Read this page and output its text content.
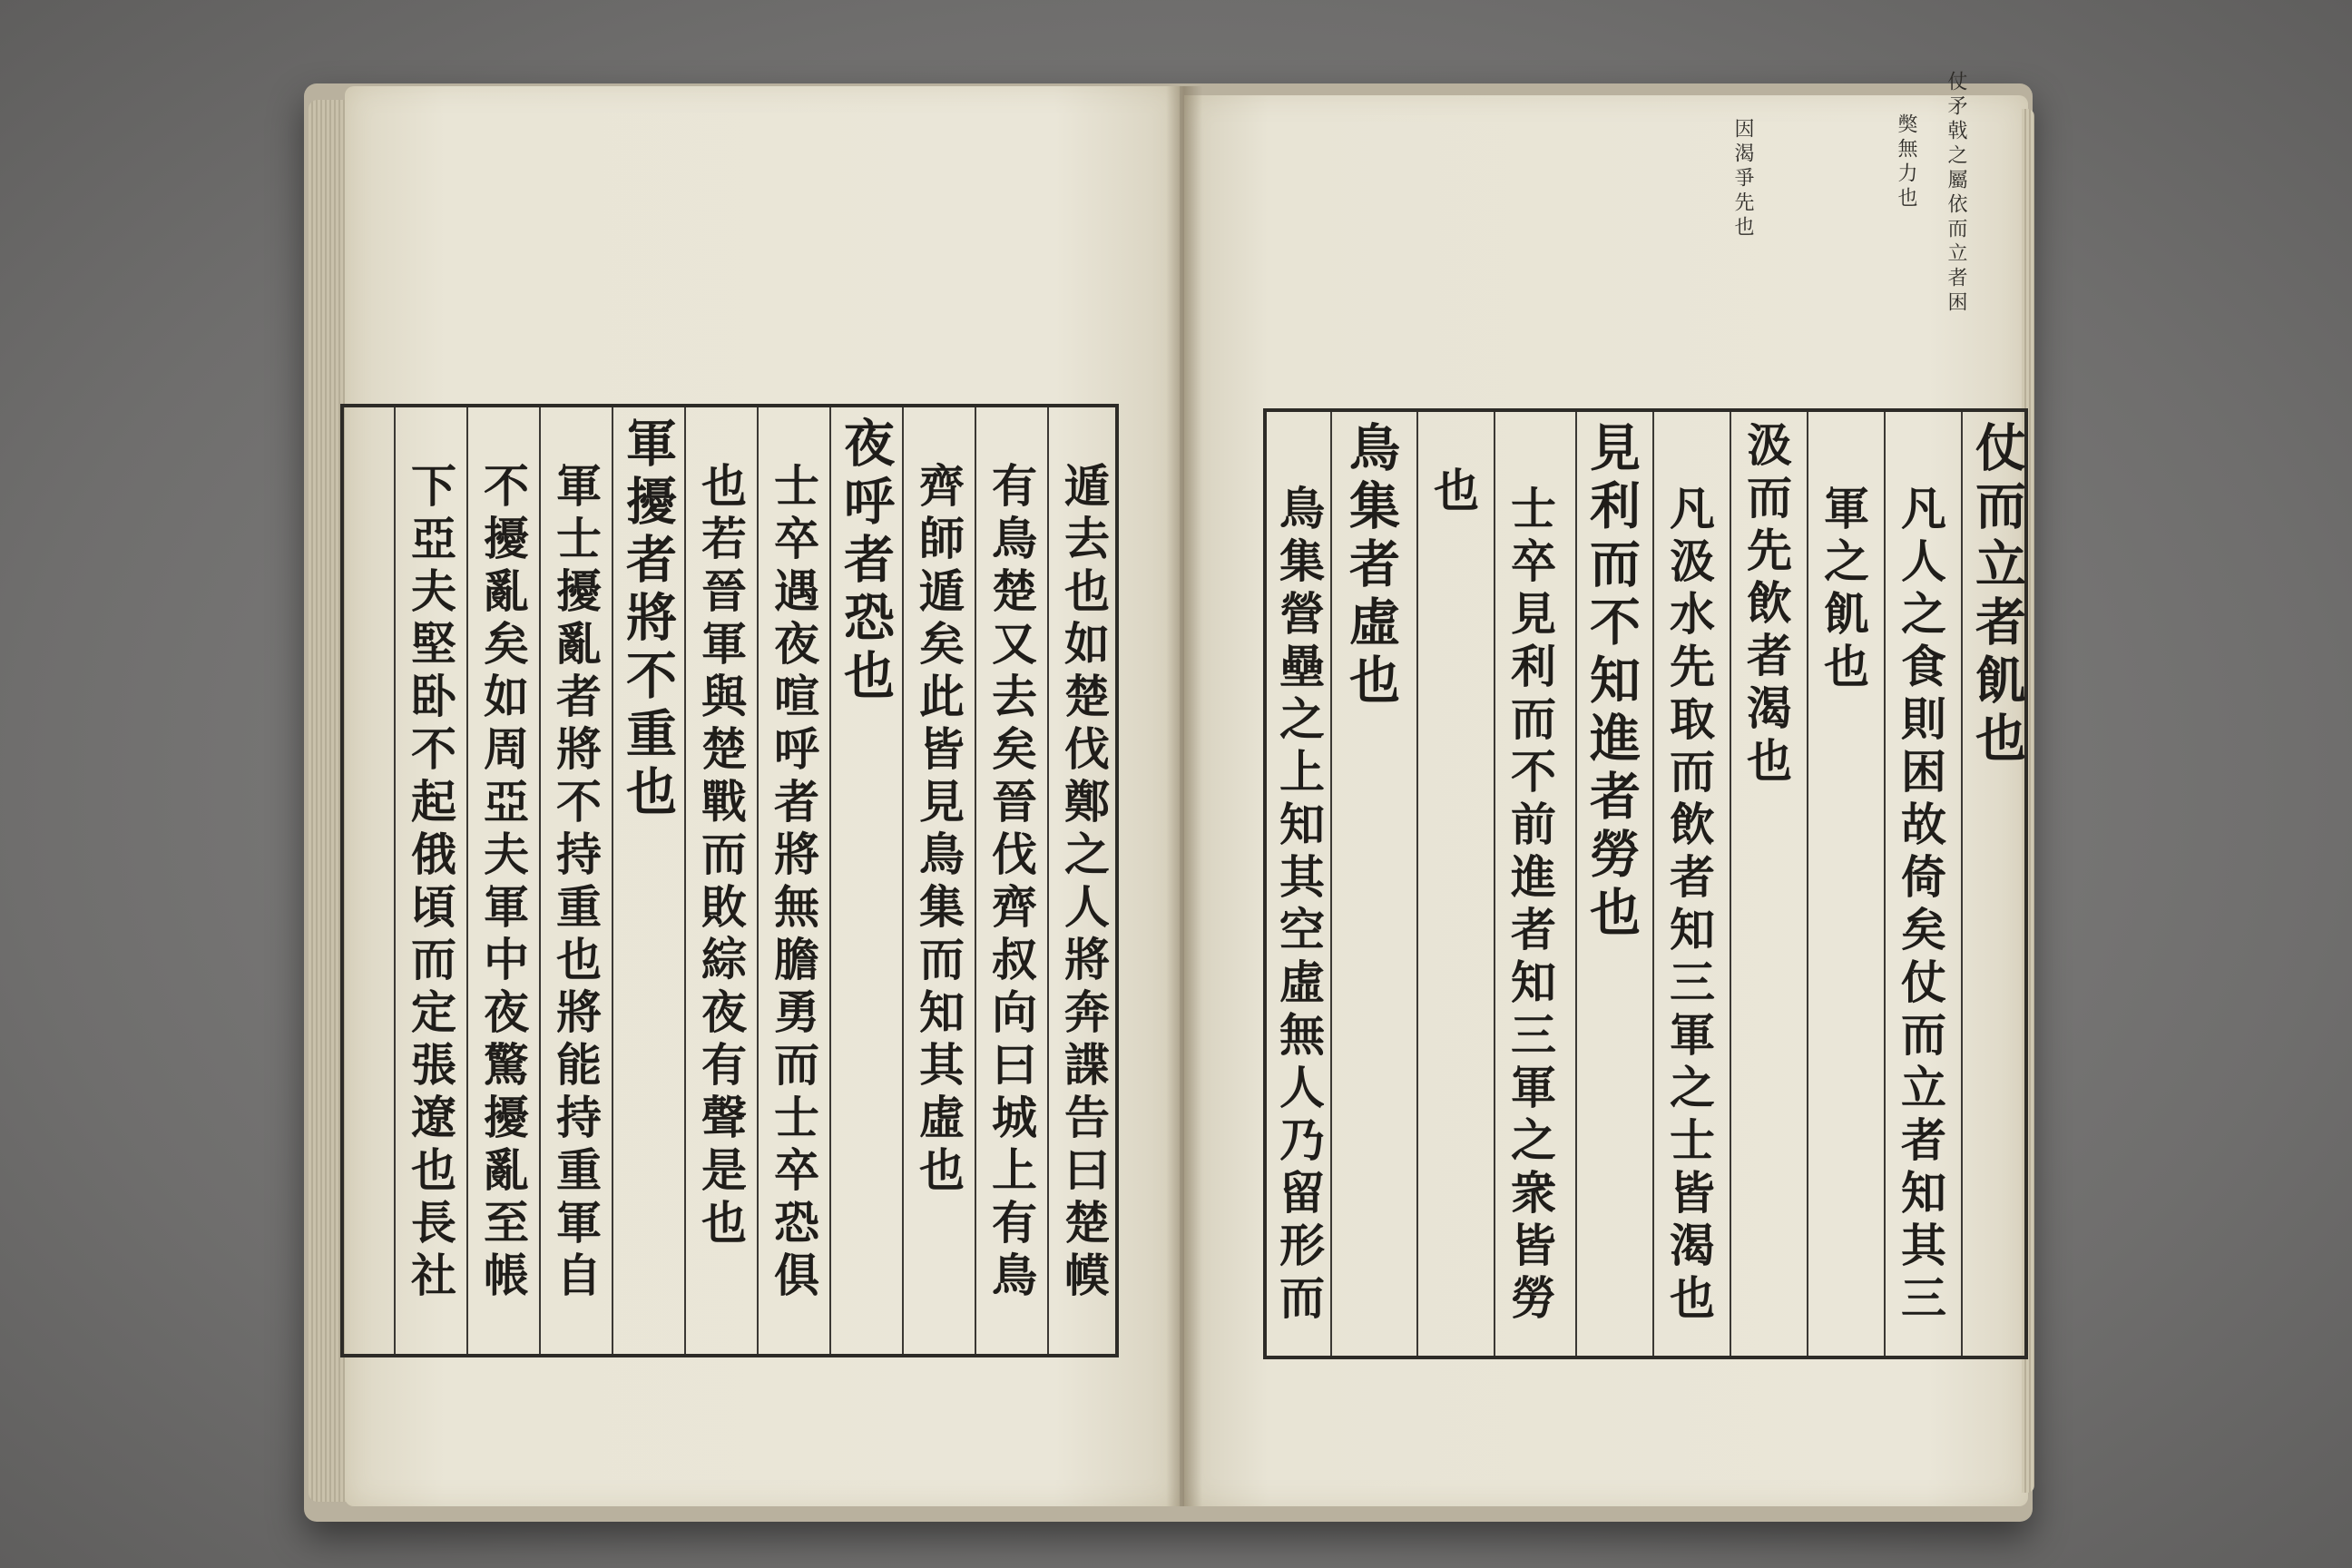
仗矛戟之屬依而立者困
獘無力也
因渴爭先也
仗而立者飢也
凡人之食則困故倚矣仗而立者知其三
軍之飢也
汲而先飲者渴也
凡汲水先取而飲者知三軍之士皆渴也
見利而不知進者勞也
士卒見利而不前進者知三軍之衆皆勞
也
鳥集者虛也
鳥集營壘之上知其空虛無人乃留形而
遁去也如楚伐鄭之人將奔諜告曰楚幙
有鳥楚又去矣晉伐齊叔向曰城上有鳥
齊師遁矣此皆見鳥集而知其虛也
夜呼者恐也
士卒遇夜喧呼者將無膽勇而士卒恐俱
也若晉軍與楚戰而敗綜夜有聲是也
軍擾者將不重也
軍士擾亂者將不持重也將能持重軍自
不擾亂矣如周亞夫軍中夜驚擾亂至帳
下亞夫堅卧不起俄頃而定張遼也長社
